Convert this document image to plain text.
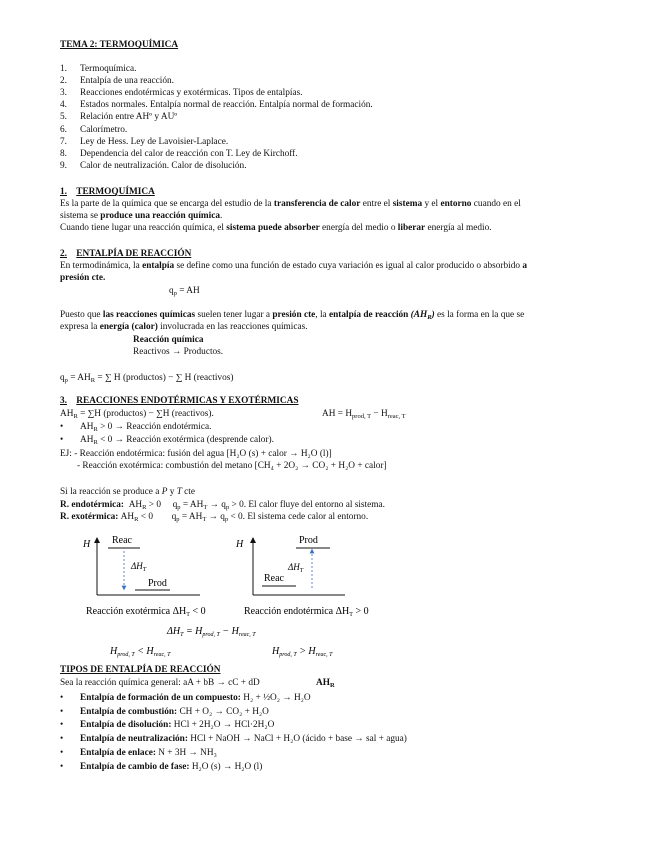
TEMA 2: TERMOQUÍMICA
1. Termoquímica.
2. Entalpía de una reacción.
3. Reacciones endotérmicas y exotérmicas. Tipos de entalpías.
4. Estados normales. Entalpía normal de reacción. Entalpía normal de formación.
5. Relación entre AHº y AUº
6. Calorímetro.
7. Ley de Hess. Ley de Lavoisier-Laplace.
8. Dependencia del calor de reacción con T. Ley de Kirchoff.
9. Calor de neutralización. Calor de disolución.
1. TERMOQUÍMICA
Es la parte de la química que se encarga del estudio de la transferencia de calor entre el sistema y el entorno cuando en el
sistema se produce una reacción química.
Cuando tiene lugar una reacción química, el sistema puede absorber energía del medio o liberar energía al medio.
2. ENTALPÍA DE REACCIÓN
En termodinámica, la entalpía se define como una función de estado cuya variación es igual al calor producido o absorbido a
presión cte.
$q_p$ = AH
Puesto que las reacciones químicas suelen tener lugar a presión cte, la entalpía de reacción $(AH_R)$ es la forma en la que se
expresa la energía (calor) involucrada en las reacciones químicas.
Reacción química
Reactivos → Productos.
$q_p = AH_R$ = ∑ H (productos) − ∑ H (reactivos)
3. REACCIONES ENDOTÉRMICAS Y EXOTÉRMICAS
$AH_R = \sum H$ (productos) − ∑H (reactivos).	AH = $H_{prod, T} - H_{reac, T}$
• $AH_R > 0$ → Reacción endotérmica.
• $AH_R < 0$ → Reacción exotérmica (desprende calor).
EJ: - Reacción endotérmica: fusión del agua [H₂O (s) + calor → H₂O (l)]
- Reacción exotérmica: combustión del metano [CH₄ + 2O₂ → CO₂ + H₂O + calor]
Si la reacción se produce a P y T cte
R. endotérmica: $AH_R > 0$     $q_p = AH_T \to q_p > 0$. El calor fluye del entorno al sistema.
R. exotérmica: $AH_R < 0$        $q_p = AH_T \to q_p < 0$. El sistema cede calor al entorno.
H Reac
$\Delta H_T$
Prod
Reacción exotérmica $\Delta H_T < 0$
H	Prod
$\Delta H_T$
Reac
Reacción endotérmica $\Delta H_T > 0$
$\Delta H_T = H_{prod, T} - H_{reac, T}$
$H_{prod, T} < H_{reac, T}$	$H_{prod, T} > H_{reac, T}$
TIPOS DE ENTALPÍA DE REACCIÓN
Sea la reacción química general: aA + bB → cC + dD	$AH_R$
• Entalpía de formación de un compuesto: H₂ + ½O₂ → H₂O
• Entalpía de combustión: CH + O₂ → CO₂ + H₂O
• Entalpía de disolución: HCl + 2H₂O → HCl·2H₂O
• Entalpía de neutralización: HCl + NaOH → NaCl + H₂O (ácido + base → sal + agua)
• Entalpía de enlace: N + 3H → NH₃
• Entalpía de cambio de fase: H₂O (s) → H₂O (l)
